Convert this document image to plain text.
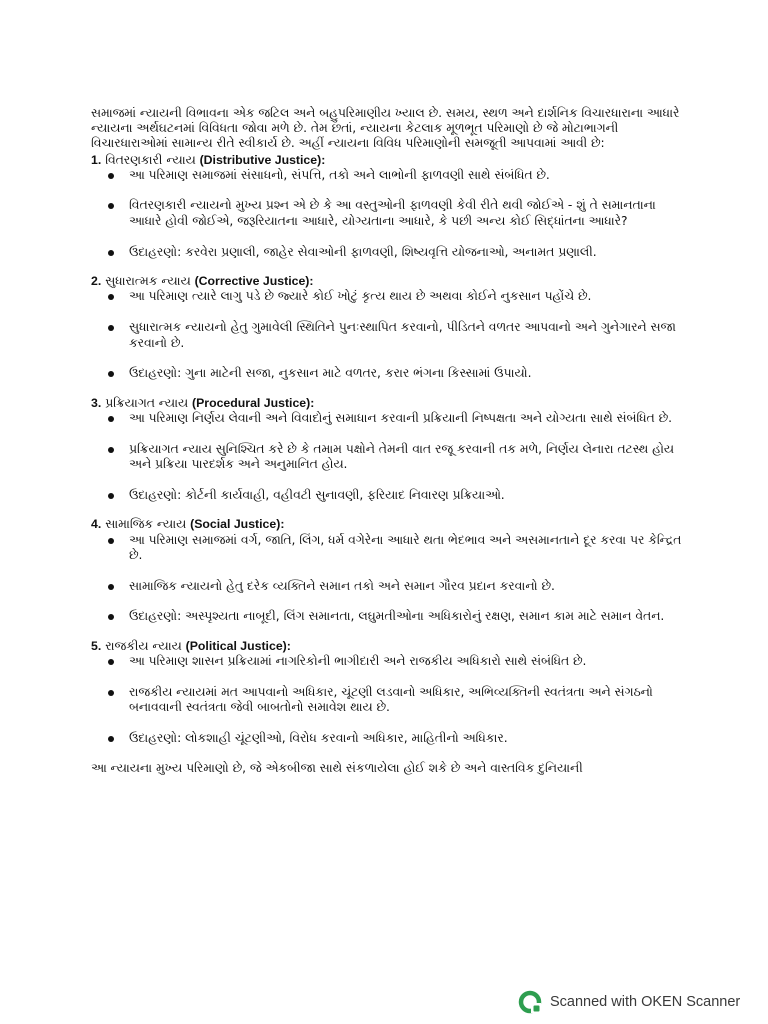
સમાજમાં ન્યાયની વિભાવના એક જટિલ અને બહુપરિમાણીય ખ્યાલ છે. સમય, સ્થળ અને દાર્શનિક વિચારધારાના આધારે ન્યાયના અર્થઘટનમાં વિવિધતા જોવા મળે છે. તેમ છતાં, ન્યાયના કેટલાક મૂળભૂત પરિમાણો છે જે મોટાભાગની વિચારધારાઓમાં સામાન્ય રીતે સ્વીકાર્ય છે. અહીં ન્યાયના વિવિધ પરિમાણોની સમજૂતી આપવામાં આવી છે:

1. વિતરણકારી ન્યાય (Distributive Justice):

આ પરિમાણ સમાજમાં સંસાધનો, સંપત્તિ, તકો અને લાભોની ફાળવણી સાથે સંબંધિત છે.
વિતરણકારી ન્યાયનો મુખ્ય પ્રશ્ન એ છે કે આ વસ્તુઓની ફાળવણી કેવી રીતે થવી જોઈએ - શું તે સમાનતાના આધારે હોવી જોઈએ, જરૂરિયાતના આધારે, યોગ્યતાના આધારે, કે પછી અન્ય કોઈ સિદ્ધાંતના આધારે?
ઉદાહરણો: કરવેરા પ્રણાલી, જાહેર સેવાઓની ફાળવણી, શિષ્યવૃત્તિ યોજનાઓ, અનામત પ્રણાલી.

2. સુધારાત્મક ન્યાય (Corrective Justice):

આ પરિમાણ ત્યારે લાગુ પડે છે જ્યારે કોઈ ખોટું કૃત્ય થાય છે અથવા કોઈને નુકસાન પહોંચે છે.
સુધારાત્મક ન્યાયનો હેતુ ગુમાવેલી સ્થિતિને પુનઃસ્થાપિત કરવાનો, પીડિતને વળતર આપવાનો અને ગુનેગારને સજા કરવાનો છે.
ઉદાહરણો: ગુના માટેની સજા, નુકસાન માટે વળતર, કરાર ભંગના કિસ્સામાં ઉપાયો.

3. પ્રક્રિયાગત ન્યાય (Procedural Justice):

આ પરિમાણ નિર્ણય લેવાની અને વિવાદોનું સમાધાન કરવાની પ્રક્રિયાની નિષ્પક્ષતા અને યોગ્યતા સાથે સંબંધિત છે.
પ્રક્રિયાગત ન્યાય સુનિશ્ચિત કરે છે કે તમામ પક્ષોને તેમની વાત રજૂ કરવાની તક મળે, નિર્ણય લેનારા તટસ્થ હોય અને પ્રક્રિયા પારદર્શક અને અનુમાનિત હોય.
ઉદાહરણો: કોર્ટની કાર્યવાહી, વહીવટી સુનાવણી, ફરિયાદ નિવારણ પ્રક્રિયાઓ.

4. સામાજિક ન્યાય (Social Justice):

આ પરિમાણ સમાજમાં વર્ગ, જાતિ, લિંગ, ધર્મ વગેરેના આધારે થતા ભેદભાવ અને અસમાનતાને દૂર કરવા પર કેન્દ્રિત છે.
સામાજિક ન્યાયનો હેતુ દરેક વ્યક્તિને સમાન તકો અને સમાન ગૌરવ પ્રદાન કરવાનો છે.
ઉદાહરણો: અસ્પૃશ્યતા નાબૂદી, લિંગ સમાનતા, લઘુમતીઓના અધિકારોનું રક્ષણ, સમાન કામ માટે સમાન વેતન.

5. રાજકીય ન્યાય (Political Justice):

આ પરિમાણ શાસન પ્રક્રિયામાં નાગરિકોની ભાગીદારી અને રાજકીય અધિકારો સાથે સંબંધિત છે.
રાજકીય ન્યાયમાં મત આપવાનો અધિકાર, ચૂંટણી લડવાનો અધિકાર, અભિવ્યક્તિની સ્વતંત્રતા અને સંગઠનો બનાવવાની સ્વતંત્રતા જેવી બાબતોનો સમાવેશ થાય છે.
ઉદાહરણો: લોકશાહી ચૂંટણીઓ, વિરોધ કરવાનો અધિકાર, માહિતીનો અધિકાર.

આ ન્યાયના મુખ્ય પરિમાણો છે, જે એકબીજા સાથે સંકળાયેલા હોઈ શકે છે અને વાસ્તવિક દુનિયાની

Scanned with OKEN Scanner
